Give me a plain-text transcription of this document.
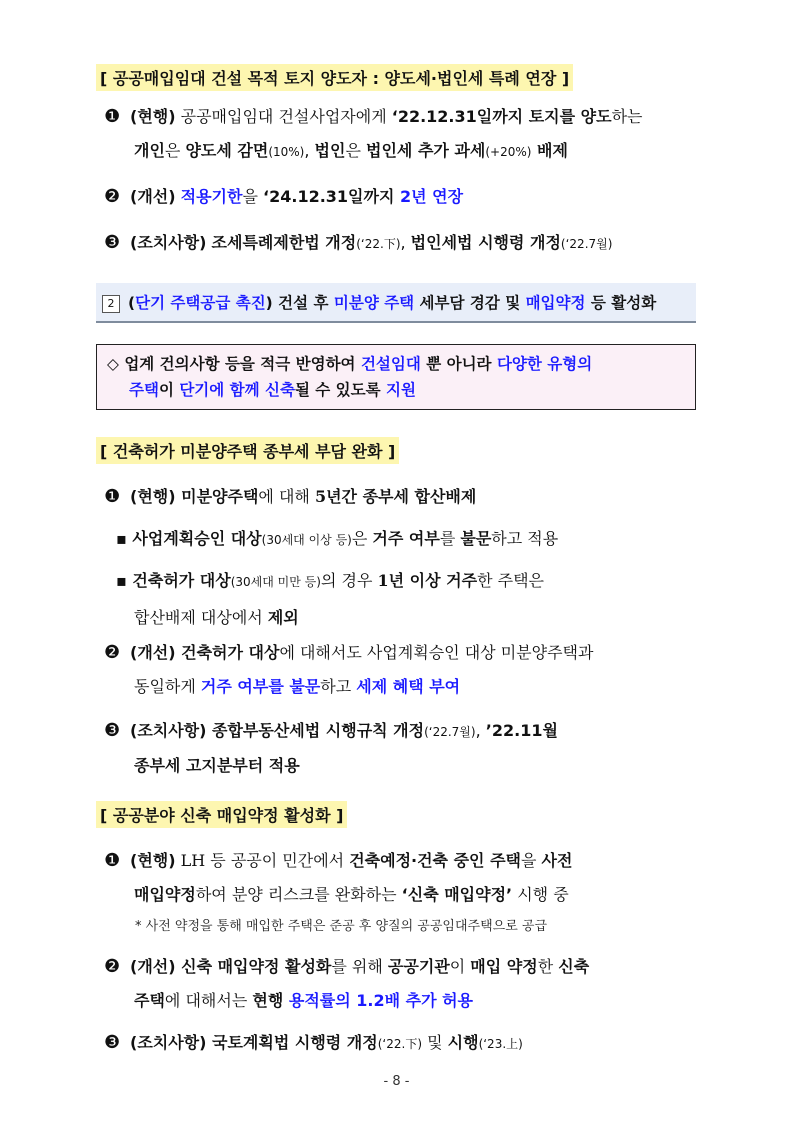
[ 공공매입임대 건설 목적 토지 양도자 : 양도세·법인세 특례 연장 ]
❶ (현행) 공공매입임대 건설사업자에게 ‘22.12.31일까지 토지를 양도하는
개인은 양도세 감면(10%), 법인은 법인세 추가 과세(+20%) 배제
❷ (개선) 적용기한을 ‘24.12.31일까지 2년 연장
❸ (조치사항) 조세특례제한법 개정(‘22.下), 법인세법 시행령 개정(‘22.7월)
2 (단기 주택공급 촉진) 건설 후 미분양 주택 세부담 경감 및 매입약정 등 활성화
◇ 업계 건의사항 등을 적극 반영하여 건설임대 뿐 아니라 다양한 유형의
주택이 단기에 함께 신축될 수 있도록 지원
[ 건축허가 미분양주택 종부세 부담 완화 ]
❶ (현행) 미분양주택에 대해 5년간 종부세 합산배제
▪ 사업계획승인 대상(30세대 이상 등)은 거주 여부를 불문하고 적용
▪ 건축허가 대상(30세대 미만 등)의 경우 1년 이상 거주한 주택은
합산배제 대상에서 제외
❷ (개선) 건축허가 대상에 대해서도 사업계획승인 대상 미분양주택과
동일하게 거주 여부를 불문하고 세제 혜택 부여
❸ (조치사항) 종합부동산세법 시행규칙 개정(‘22.7월), ’22.11월
종부세 고지분부터 적용
[ 공공분야 신축 매입약정 활성화 ]
❶ (현행) LH 등 공공이 민간에서 건축예정·건축 중인 주택을 사전
매입약정하여 분양 리스크를 완화하는 ‘신축 매입약정’ 시행 중
* 사전 약정을 통해 매입한 주택은 준공 후 양질의 공공임대주택으로 공급
❷ (개선) 신축 매입약정 활성화를 위해 공공기관이 매입 약정한 신축
주택에 대해서는 현행 용적률의 1.2배 추가 허용
❸ (조치사항) 국토계획법 시행령 개정(‘22.下) 및 시행(‘23.上)
- 8 -
